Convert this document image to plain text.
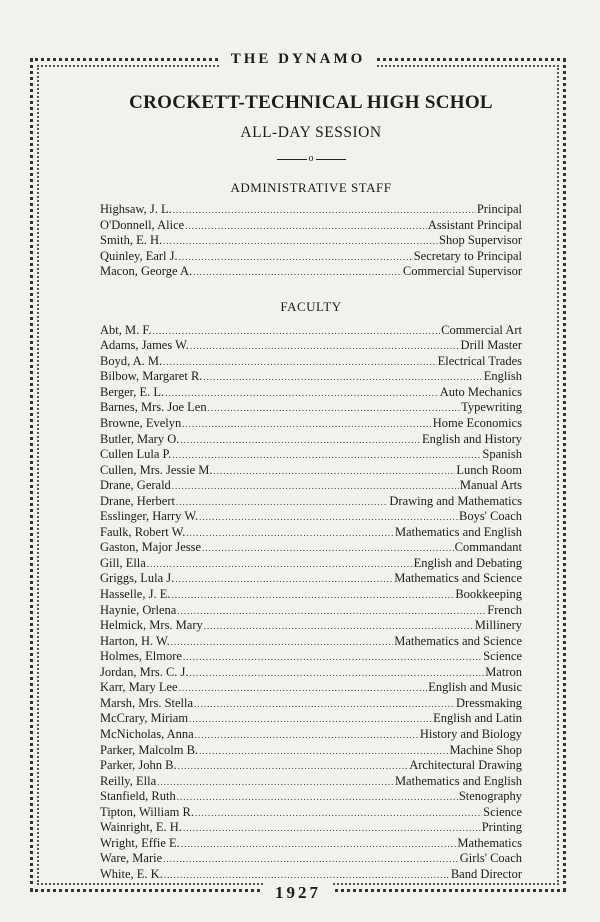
THE DYNAMO
CROCKETT-TECHNICAL HIGH SCHOL
ALL-DAY SESSION
o
ADMINISTRATIVE STAFF
Highsaw, J. L. .....	Principal
O'Donnell, Alice .....	Assistant Principal
Smith, E. H. .....	Shop Supervisor
Quinley, Earl J. .....	Secretary to Principal
Macon, George A. .....	Commercial Supervisor
FACULTY
Abt, M. F. .....	Commercial Art
Adams, James W. .....	Drill Master
Boyd, A. M. .....	Electrical Trades
Bilbow, Margaret R. .....	English
Berger, E. L. .....	Auto Mechanics
Barnes, Mrs. Joe Len .....	Typewriting
Browne, Evelyn .....	Home Economics
Butler, Mary O. .....	English and History
Cullen Lula P. .....	Spanish
Cullen, Mrs. Jessie M. .....	Lunch Room
Drane, Gerald .....	Manual Arts
Drane, Herbert .....	Drawing and Mathematics
Esslinger, Harry W. .....	Boys' Coach
Faulk, Robert W. .....	Mathematics and English
Gaston, Major Jesse .....	Commandant
Gill, Ella .....	English and Debating
Griggs, Lula J. .....	Mathematics and Science
Hasselle, J. E. .....	Bookkeeping
Haynie, Orlena .....	French
Helmick, Mrs. Mary .....	Millinery
Harton, H. W. .....	Mathematics and Science
Holmes, Elmore .....	Science
Jordan, Mrs. C. J. .....	Matron
Karr, Mary Lee .....	English and Music
Marsh, Mrs. Stella .....	Dressmaking
McCrary, Miriam .....	English and Latin
McNicholas, Anna .....	History and Biology
Parker, Malcolm B. .....	Machine Shop
Parker, John B. .....	Architectural Drawing
Reilly, Ella .....	Mathematics and English
Stanfield, Ruth .....	Stenography
Tipton, William R. .....	Science
Wainright, E. H. .....	Printing
Wright, Effie E. .....	Mathematics
Ware, Marie .....	Girls' Coach
White, E. K. .....	Band Director
1927
